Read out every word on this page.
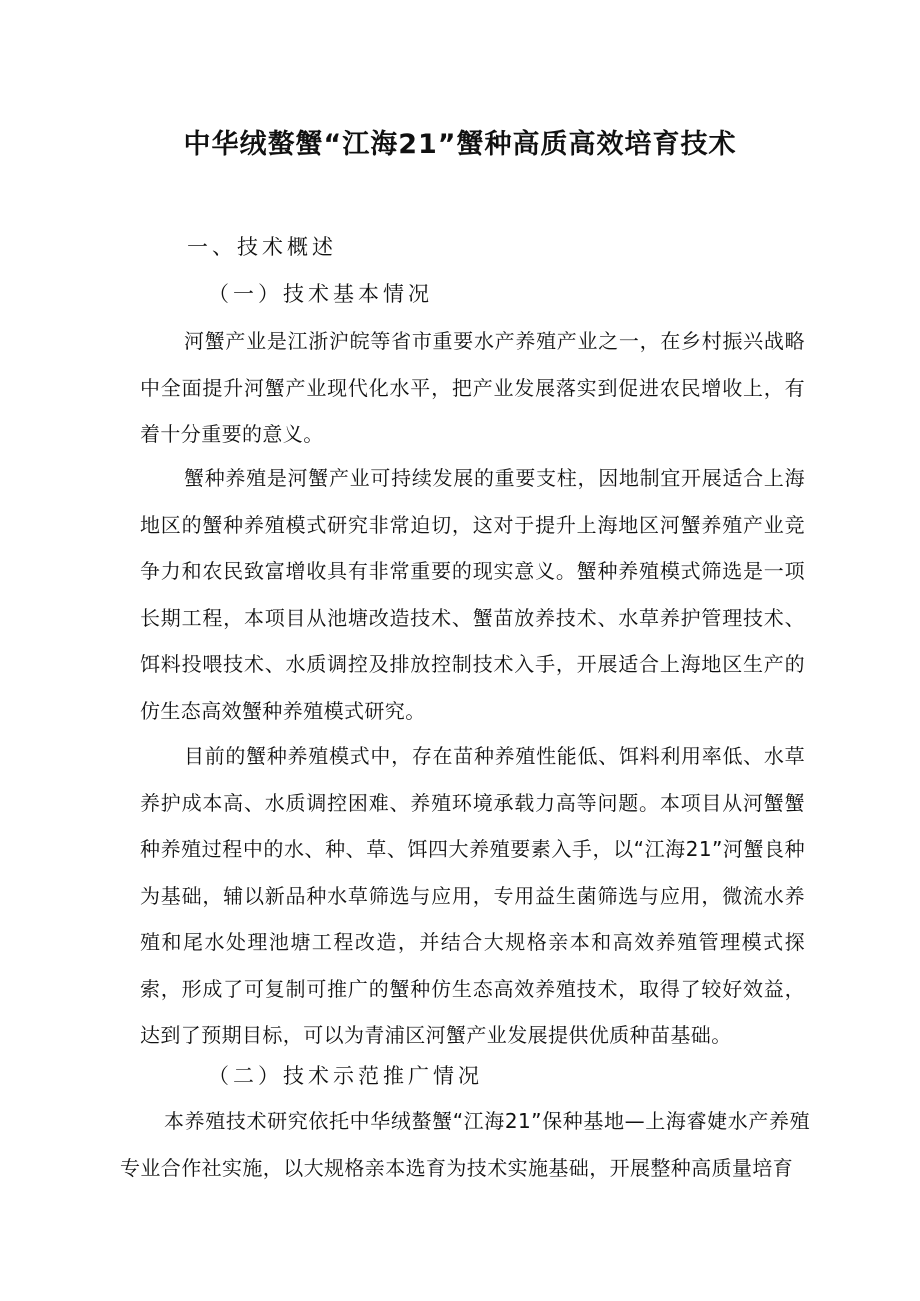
中华绒螯蟹“江海21”蟹种高质高效培育技术
一、技术概述
（一）技术基本情况

河蟹产业是江浙沪皖等省市重要水产养殖产业之一，在乡村振兴战略中全面提升河蟹产业现代化水平，把产业发展落实到促进农民增收上，有着十分重要的意义。

蟹种养殖是河蟹产业可持续发展的重要支柱，因地制宜开展适合上海地区的蟹种养殖模式研究非常迫切，这对于提升上海地区河蟹养殖产业竞争力和农民致富增收具有非常重要的现实意义。蟹种养殖模式筛选是一项长期工程，本项目从池塘改造技术、蟹苗放养技术、水草养护管理技术、饵料投喂技术、水质调控及排放控制技术入手，开展适合上海地区生产的仿生态高效蟹种养殖模式研究。

目前的蟹种养殖模式中，存在苗种养殖性能低、饵料利用率低、水草养护成本高、水质调控困难、养殖环境承载力高等问题。本项目从河蟹蟹种养殖过程中的水、种、草、饵四大养殖要素入手，以“江海21”河蟹良种为基础，辅以新品种水草筛选与应用，专用益生菌筛选与应用，微流水养殖和尾水处理池塘工程改造，并结合大规格亲本和高效养殖管理模式探索，形成了可复制可推广的蟹种仿生态高效养殖技术，取得了较好效益，达到了预期目标，可以为青浦区河蟹产业发展提供优质种苗基础。

（二）技术示范推广情况

本养殖技术研究依托中华绒螯蟹“江海21”保种基地—上海睿婕水产养殖专业合作社实施，以大规格亲本选育为技术实施基础，开展整种高质量培育
